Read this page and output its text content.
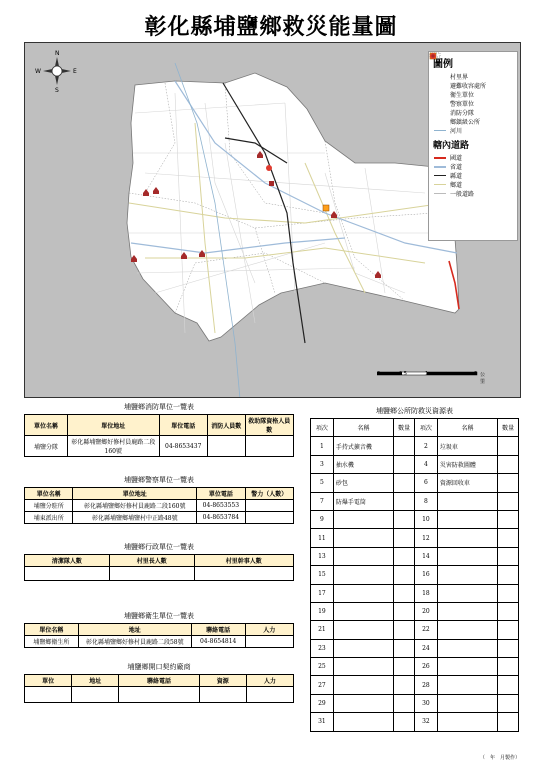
彰化縣埔鹽鄉救災能量圖
N
S
E
W
圖例
村里界
避難收容處所
衛生單位
警察單位
消防分隊
鄉鎮級公所
河川
轄內道路
國道
省道
縣道
鄉道
一般道路
0	0.5	1	2 公里
埔鹽鄉消防單位一覽表
單位名稱	單位地址	單位電話	消防人員數	救助隊資格人員數
埔鹽分隊	彰化縣埔鹽鄉好修村員鹿路二段160號	04-8653437		
埔鹽鄉警察單位一覽表
單位名稱	單位地址	單位電話	警力（人數）
埔鹽分駐所	彰化縣埔鹽鄉好修村員鹿路二段160號	04-8653553	
埔東派出所	彰化縣埔鹽鄉埔鹽村中正路48號	04-8653784	
埔鹽鄉行政單位一覽表
清潔隊人數	村里長人數	村里幹事人數

埔鹽鄉衛生單位一覽表
單位名稱	地址	聯絡電話	人力
埔鹽鄉衛生所	彰化縣埔鹽鄉好修村員鹿路二段58號	04-8654814	
埔鹽鄉開口契約廠商
單位	地址	聯絡電話	資源	人力

埔鹽鄉公所防救災資源表
項次	名稱	數量	項次	名稱	數量
1	手持式擴音機		2	垃圾車	
3	抽水機		4	災害防救圖體	
5	砂包		6	資源回收車	
7	防爆手電筒		8		
9			10		
11			12		
13			14		
15			16		
17			18		
19			20		
21			22		
23			24		
25			26		
27			28		
29			30		
31			32		
（　年　月製作）
